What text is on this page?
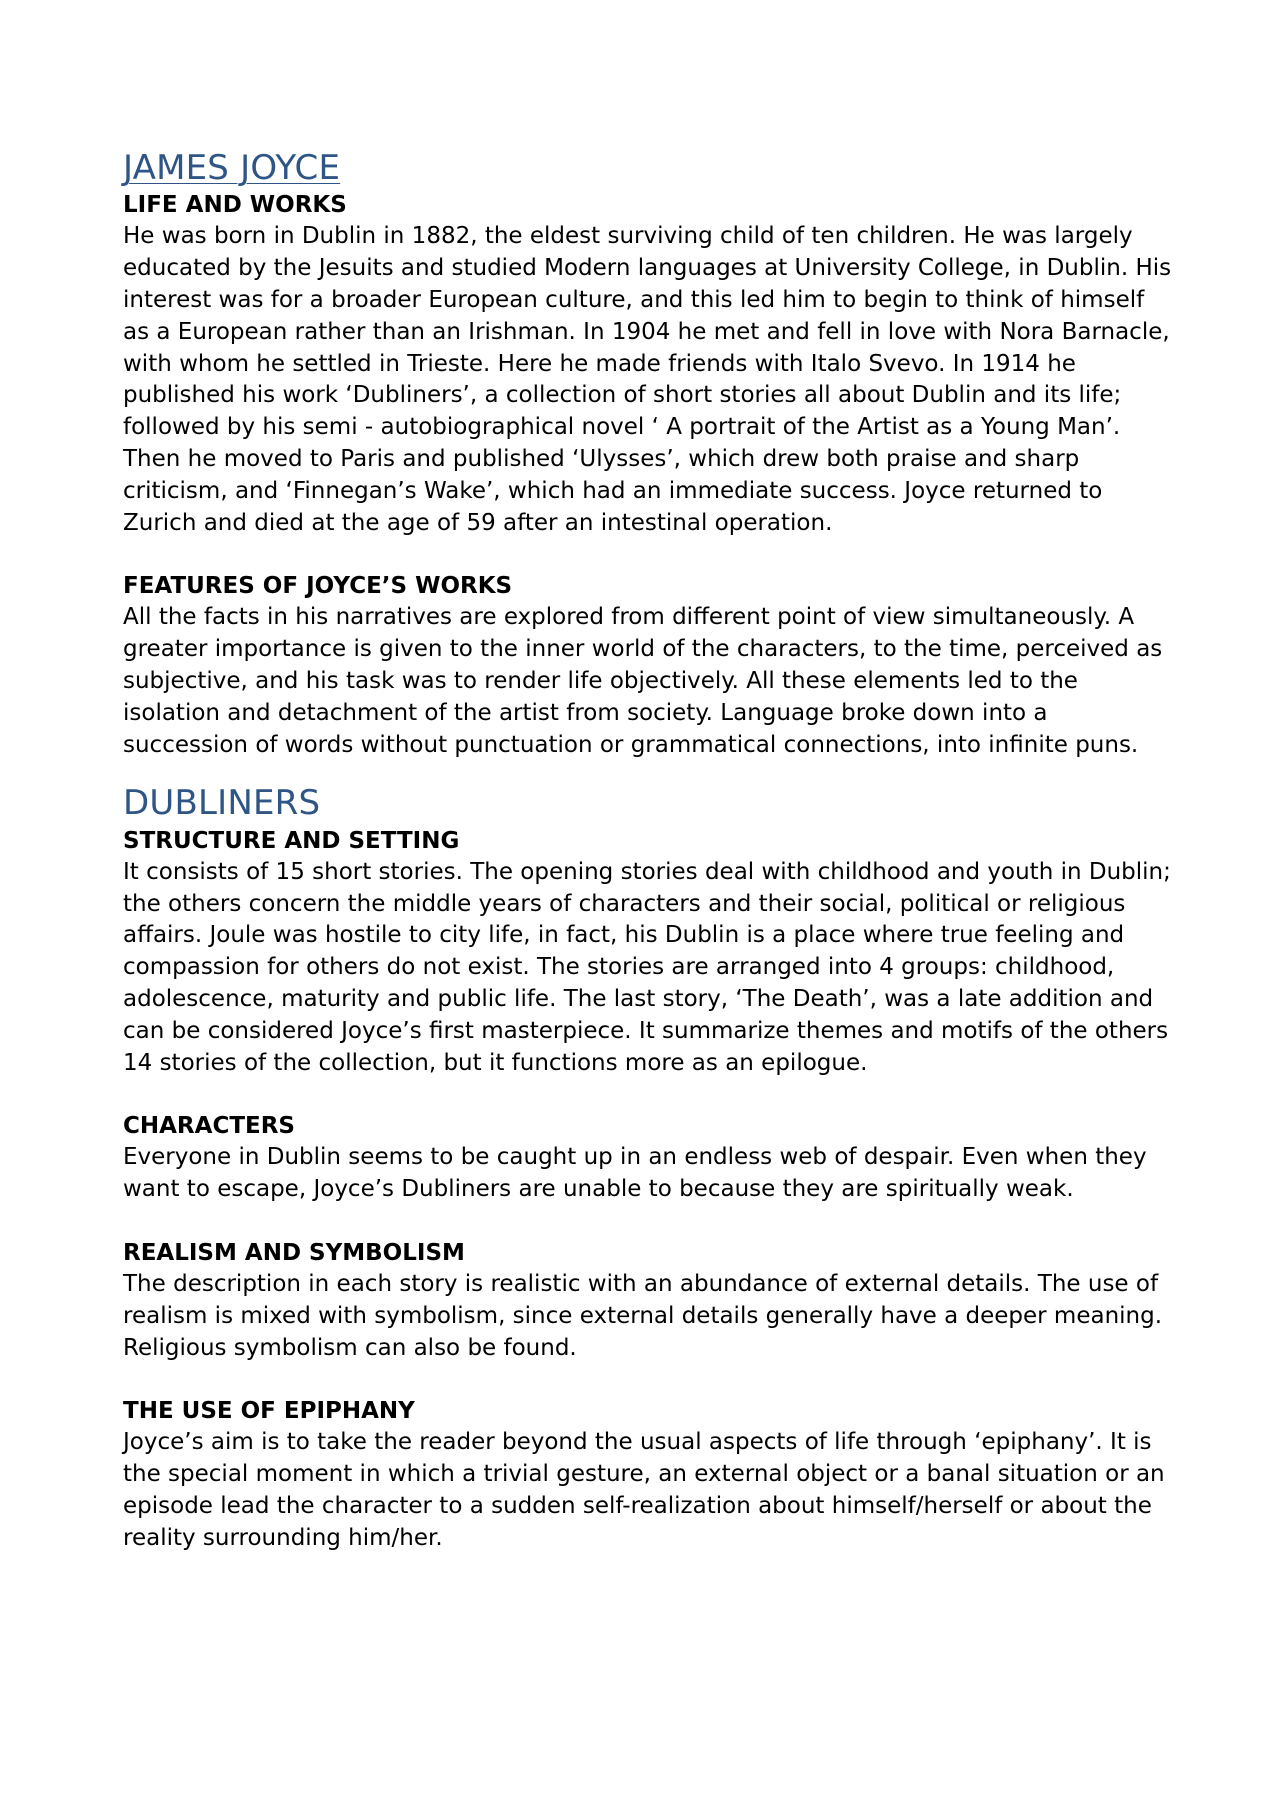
JAMES JOYCE

LIFE AND WORKS

He was born in Dublin in 1882, the eldest surviving child of ten children. He was largely educated by the Jesuits and studied Modern languages at University College, in Dublin. His interest was for a broader European culture, and this led him to begin to think of himself as a European rather than an Irishman. In 1904 he met and fell in love with Nora Barnacle, with whom he settled in Trieste. Here he made friends with Italo Svevo. In 1914 he published his work ‘Dubliners’, a collection of short stories all about Dublin and its life; followed by his semi - autobiographical novel ‘ A portrait of the Artist as a Young Man’. Then he moved to Paris and published ‘Ulysses’, which drew both praise and sharp criticism, and ‘Finnegan’s Wake’, which had an immediate success. Joyce returned to Zurich and died at the age of 59 after an intestinal operation.

FEATURES OF JOYCE’S WORKS

All the facts in his narratives are explored from different point of view simultaneously. A greater importance is given to the inner world of the characters, to the time, perceived as subjective, and his task was to render life objectively. All these elements led to the isolation and detachment of the artist from society. Language broke down into a succession of words without punctuation or grammatical connections, into infinite puns.

DUBLINERS

STRUCTURE AND SETTING

It consists of 15 short stories. The opening stories deal with childhood and youth in Dublin; the others concern the middle years of characters and their social, political or religious affairs. Joule was hostile to city life, in fact, his Dublin is a place where true feeling and compassion for others do not exist. The stories are arranged into 4 groups: childhood, adolescence, maturity and public life. The last story, ‘The Death’, was a late addition and can be considered Joyce’s first masterpiece. It summarize themes and motifs of the others 14 stories of the collection, but it functions more as an epilogue.

CHARACTERS

Everyone in Dublin seems to be caught up in an endless web of despair. Even when they want to escape, Joyce’s Dubliners are unable to because they are spiritually weak.

REALISM AND SYMBOLISM

The description in each story is realistic with an abundance of external details. The use of realism is mixed with symbolism, since external details generally have a deeper meaning. Religious symbolism can also be found.

THE USE OF EPIPHANY

Joyce’s aim is to take the reader beyond the usual aspects of life through ‘epiphany’. It is the special moment in which a trivial gesture, an external object or a banal situation or an episode lead the character to a sudden self-realization about himself/herself or about the reality surrounding him/her.
